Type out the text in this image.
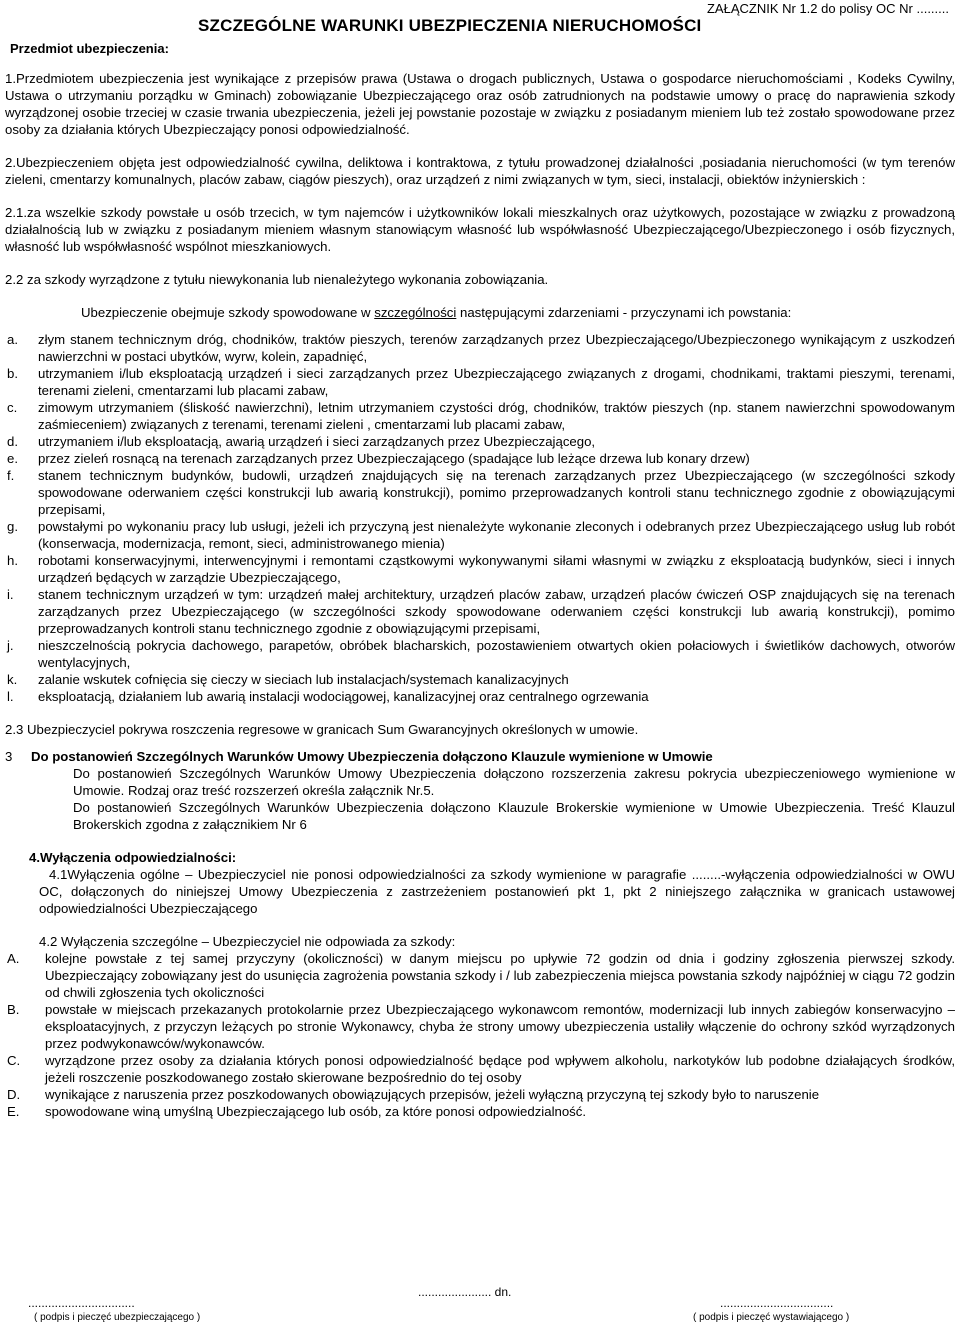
ZAŁĄCZNIK Nr 1.2 do polisy OC Nr .........
SZCZEGÓLNE WARUNKI UBEZPIECZENIA NIERUCHOMOŚCI
Przedmiot ubezpieczenia:

1.Przedmiotem ubezpieczenia jest wynikające z przepisów prawa (Ustawa o drogach publicznych, Ustawa o gospodarce nieruchomościami , Kodeks Cywilny, Ustawa o utrzymaniu porządku w Gminach) zobowiązanie Ubezpieczającego oraz osób zatrudnionych na podstawie umowy o pracę do naprawienia szkody wyrządzonej osobie trzeciej w czasie trwania ubezpieczenia, jeżeli jej powstanie pozostaje w związku z posiadanym mieniem lub też zostało spowodowane przez osoby za działania których Ubezpieczający ponosi odpowiedzialność.

2.Ubezpieczeniem objęta jest odpowiedzialność cywilna, deliktowa i kontraktowa, z tytułu prowadzonej działalności ,posiadania nieruchomości (w tym terenów zieleni, cmentarzy komunalnych, placów zabaw, ciągów pieszych), oraz urządzeń z nimi związanych w tym, sieci, instalacji, obiektów inżynierskich :

2.1.za wszelkie szkody powstałe u osób trzecich, w tym najemców i użytkowników lokali mieszkalnych oraz użytkowych, pozostające w związku z prowadzoną działalnością lub w związku z posiadanym mieniem własnym stanowiącym własność lub współwłasność Ubezpieczającego/Ubezpieczonego i osób fizycznych, własność lub współwłasność wspólnot mieszkaniowych.

2.2 za szkody wyrządzone z tytułu niewykonania lub nienależytego wykonania zobowiązania.

Ubezpieczenie obejmuje szkody spowodowane w szczególności następującymi zdarzeniami - przyczynami ich powstania:

a.	złym stanem technicznym dróg, chodników, traktów pieszych, terenów zarządzanych przez Ubezpieczającego/Ubezpieczonego wynikającym z uszkodzeń nawierzchni w postaci ubytków, wyrw, kolein, zapadnięć,
b.	utrzymaniem i/lub eksploatacją urządzeń i sieci zarządzanych przez Ubezpieczającego związanych z drogami, chodnikami, traktami pieszymi, terenami, terenami zieleni, cmentarzami lub placami zabaw,
c.	zimowym utrzymaniem (śliskość nawierzchni), letnim utrzymaniem czystości dróg, chodników, traktów pieszych (np. stanem nawierzchni spowodowanym zaśmieceniem) związanych z terenami, terenami zieleni , cmentarzami lub placami zabaw,
d.	utrzymaniem i/lub eksploatacją, awarią urządzeń i sieci zarządzanych przez Ubezpieczającego,
e.	przez zieleń rosnącą na terenach zarządzanych przez Ubezpieczającego (spadające lub leżące drzewa lub konary drzew)
f.	stanem technicznym budynków, budowli, urządzeń znajdujących się na terenach zarządzanych przez Ubezpieczającego (w szczególności szkody spowodowane oderwaniem części konstrukcji lub awarią konstrukcji), pomimo przeprowadzanych kontroli stanu technicznego zgodnie z obowiązującymi przepisami,
g.	powstałymi po wykonaniu pracy lub usługi, jeżeli ich przyczyną jest nienależyte wykonanie zleconych i odebranych przez Ubezpieczającego usług lub robót (konserwacja, modernizacja, remont, sieci, administrowanego mienia)
h.	robotami konserwacyjnymi, interwencyjnymi i remontami cząstkowymi wykonywanymi siłami własnymi w związku z eksploatacją budynków, sieci i innych urządzeń będących w zarządzie Ubezpieczającego,
i.	stanem technicznym urządzeń w tym: urządzeń małej architektury, urządzeń placów zabaw, urządzeń placów ćwiczeń OSP znajdujących się na terenach zarządzanych przez Ubezpieczającego (w szczególności szkody spowodowane oderwaniem części konstrukcji lub awarią konstrukcji), pomimo przeprowadzanych kontroli stanu technicznego zgodnie z obowiązującymi przepisami,
j.	nieszczelnością pokrycia dachowego, parapetów, obróbek blacharskich, pozostawieniem otwartych okien połaciowych i świetlików dachowych, otworów wentylacyjnych,
k.	zalanie wskutek cofnięcia się cieczy w sieciach lub instalacjach/systemach kanalizacyjnych
l.	eksploatacją, działaniem lub awarią instalacji wodociągowej, kanalizacyjnej oraz centralnego ogrzewania

2.3 Ubezpieczyciel pokrywa roszczenia regresowe w granicach Sum Gwarancyjnych określonych w umowie.

3	Do postanowień Szczególnych Warunków Umowy Ubezpieczenia dołączono Klauzule wymienione w Umowie

Do postanowień Szczególnych Warunków Umowy Ubezpieczenia dołączono rozszerzenia zakresu pokrycia ubezpieczeniowego wymienione w Umowie. Rodzaj oraz treść rozszerzeń określa załącznik Nr.5.

Do postanowień Szczególnych Warunków Ubezpieczenia dołączono Klauzule Brokerskie wymienione w Umowie Ubezpieczenia. Treść Klauzul Brokerskich zgodna z załącznikiem Nr 6

4.Wyłączenia odpowiedzialności:

4.1Wyłączenia ogólne – Ubezpieczyciel nie ponosi odpowiedzialności za szkody wymienione w paragrafie ........-wyłączenia odpowiedzialności w OWU OC, dołączonych do niniejszej Umowy Ubezpieczenia z zastrzeżeniem postanowień pkt 1, pkt 2 niniejszego załącznika w granicach ustawowej odpowiedzialności Ubezpieczającego

4.2 Wyłączenia szczególne – Ubezpieczyciel nie odpowiada za szkody:

A.	kolejne powstałe z tej samej przyczyny (okoliczności) w danym miejscu po upływie 72 godzin od dnia i godziny zgłoszenia pierwszej szkody. Ubezpieczający zobowiązany jest do usunięcia zagrożenia powstania szkody i / lub zabezpieczenia miejsca powstania szkody najpóźniej w ciągu 72 godzin od chwili zgłoszenia tych okoliczności
B.	powstałe w miejscach przekazanych protokolarnie przez Ubezpieczającego wykonawcom remontów, modernizacji lub innych zabiegów konserwacyjno – eksploatacyjnych, z przyczyn leżących po stronie Wykonawcy, chyba że strony umowy ubezpieczenia ustaliły włączenie do ochrony szkód wyrządzonych przez podwykonawców/wykonawców.
C.	wyrządzone przez osoby za działania których ponosi odpowiedzialność będące pod wpływem alkoholu, narkotyków lub podobne działających środków, jeżeli roszczenie poszkodowanego zostało skierowane bezpośrednio do tej osoby
D.	wynikające z naruszenia przez poszkodowanych obowiązujących przepisów, jeżeli wyłączną przyczyną tej szkody było to naruszenie
E.	spowodowane winą umyślną Ubezpieczającego lub osób, za które ponosi odpowiedzialność.
...................... dn.
................................	..................................
( podpis i pieczęć ubezpieczającego )	( podpis i pieczęć wystawiającego )
